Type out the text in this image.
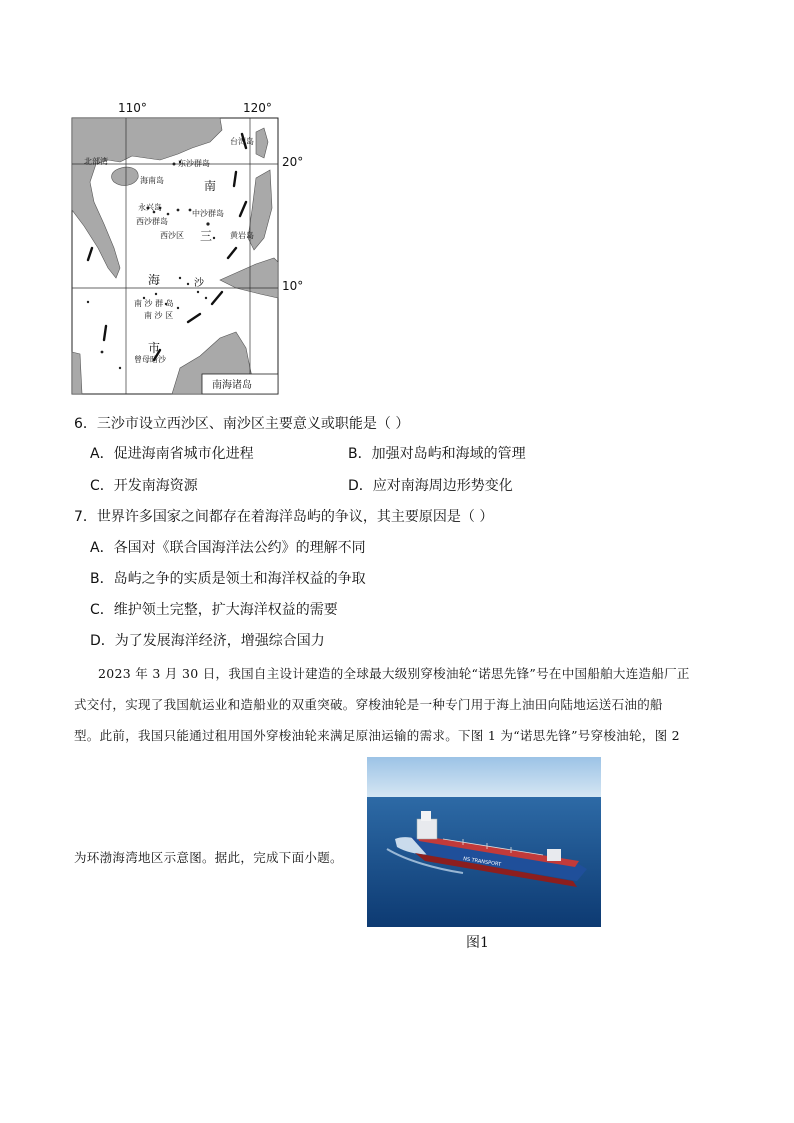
110°	120°
台湾岛
北部湾	东沙群岛
海南岛	南
永兴岛
西沙群岛
中沙群岛
西沙区 三 黄岩岛
海	沙
南 沙 群 岛
南 沙 区
市
曾母暗沙
南海诸岛
20°
10°
6．三沙市设立西沙区、南沙区主要意义或职能是（ ）
A．促进海南省城市化进程	B．加强对岛屿和海域的管理
C．开发南海资源	D．应对南海周边形势变化
7．世界许多国家之间都存在着海洋岛屿的争议，其主要原因是（ ）
A．各国对《联合国海洋法公约》的理解不同
B．岛屿之争的实质是领土和海洋权益的争取
C．维护领土完整，扩大海洋权益的需要
D．为了发展海洋经济，增强综合国力
2023 年 3 月 30 日，我国自主设计建造的全球最大级别穿梭油轮“诺思先锋”号在中国船舶大连造船厂正
式交付，实现了我国航运业和造船业的双重突破。穿梭油轮是一种专门用于海上油田向陆地运送石油的船
型。此前，我国只能通过租用国外穿梭油轮来满足原油运输的需求。下图 1 为“诺思先锋”号穿梭油轮，图 2
为环渤海湾地区示意图。据此，完成下面小题。	NS TRANSPORT
图1
